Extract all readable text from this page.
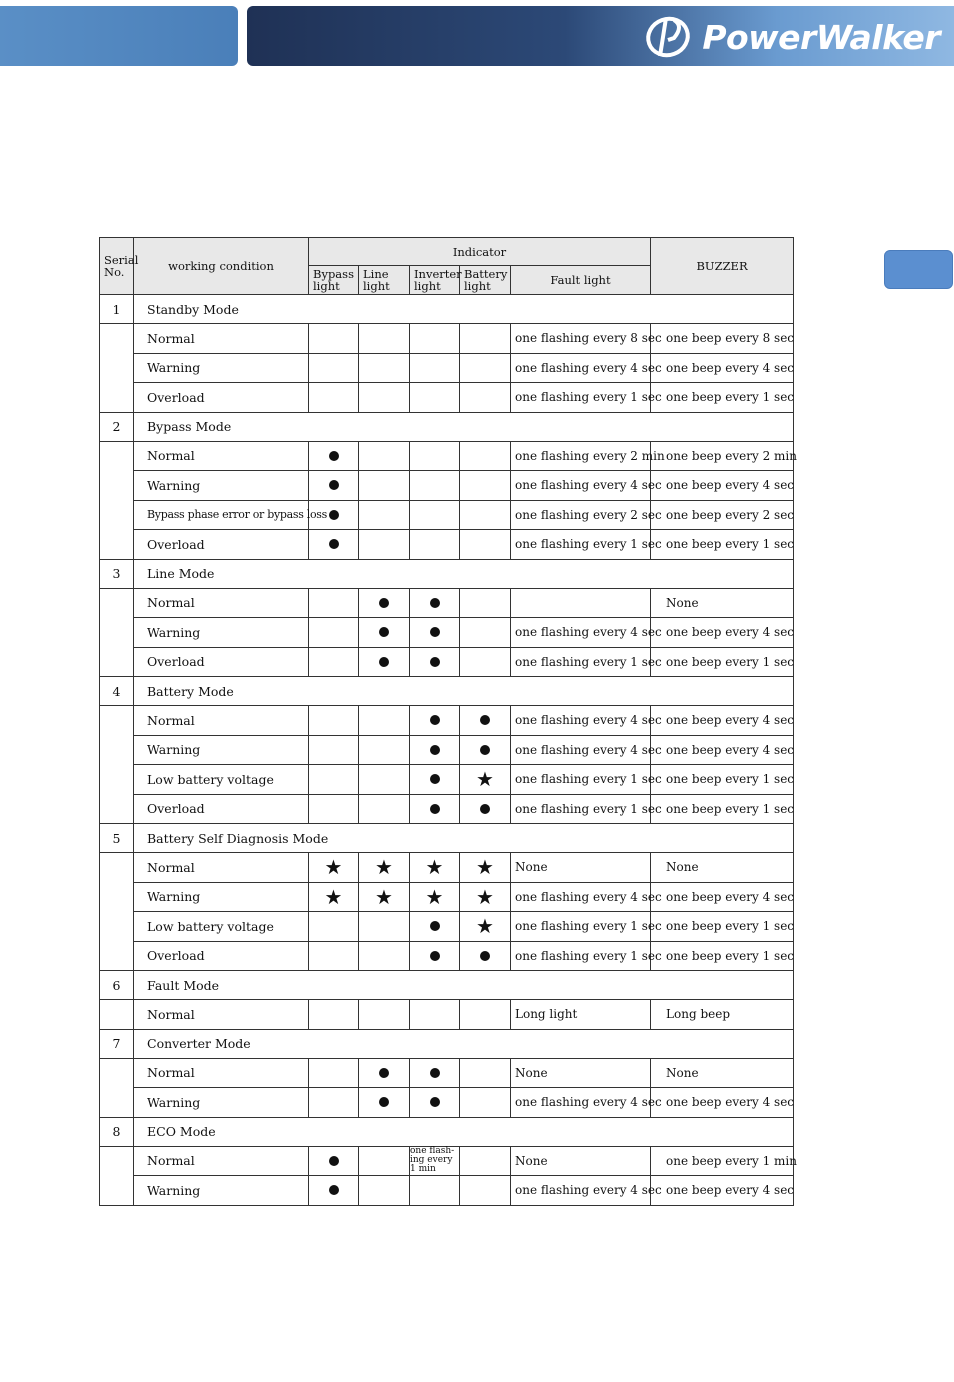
PowerWalker
Serial No.	working condition	Indicator					BUZZER
		Bypass light	Line light	Inverter light	Battery light	Fault light	
1	Standby Mode						
	Normal					one flashing every 8 sec	one beep every 8 sec
	Warning					one flashing every 4 sec	one beep every 4 sec
	Overload					one flashing every 1 sec	one beep every 1 sec
2	Bypass Mode						
	Normal					one flashing every 2 min	one beep every 2 min
	Warning					one flashing every 4 sec	one beep every 4 sec
	Bypass phase error or bypass loss					one flashing every 2 sec	one beep every 2 sec
	Overload					one flashing every 1 sec	one beep every 1 sec
3	Line Mode						
	Normal						None
	Warning					one flashing every 4 sec	one beep every 4 sec
	Overload					one flashing every 1 sec	one beep every 1 sec
4	Battery Mode						
	Normal					one flashing every 4 sec	one beep every 4 sec
	Warning					one flashing every 4 sec	one beep every 4 sec
	Low battery voltage				★	one flashing every 1 sec	one beep every 1 sec
	Overload					one flashing every 1 sec	one beep every 1 sec
5	Battery Self Diagnosis Mode						
	Normal	★	★	★	★	None	None
	Warning	★	★	★	★	one flashing every 4 sec	one beep every 4 sec
	Low battery voltage				★	one flashing every 1 sec	one beep every 1 sec
	Overload					one flashing every 1 sec	one beep every 1 sec
6	Fault Mode						
	Normal					Long light	Long beep
7	Converter Mode						
	Normal					None	None
	Warning					one flashing every 4 sec	one beep every 4 sec
8	ECO Mode						
	Normal			one flash- ing every 1 min		None	one beep every 1 min
	Warning					one flashing every 4 sec	one beep every 4 sec
